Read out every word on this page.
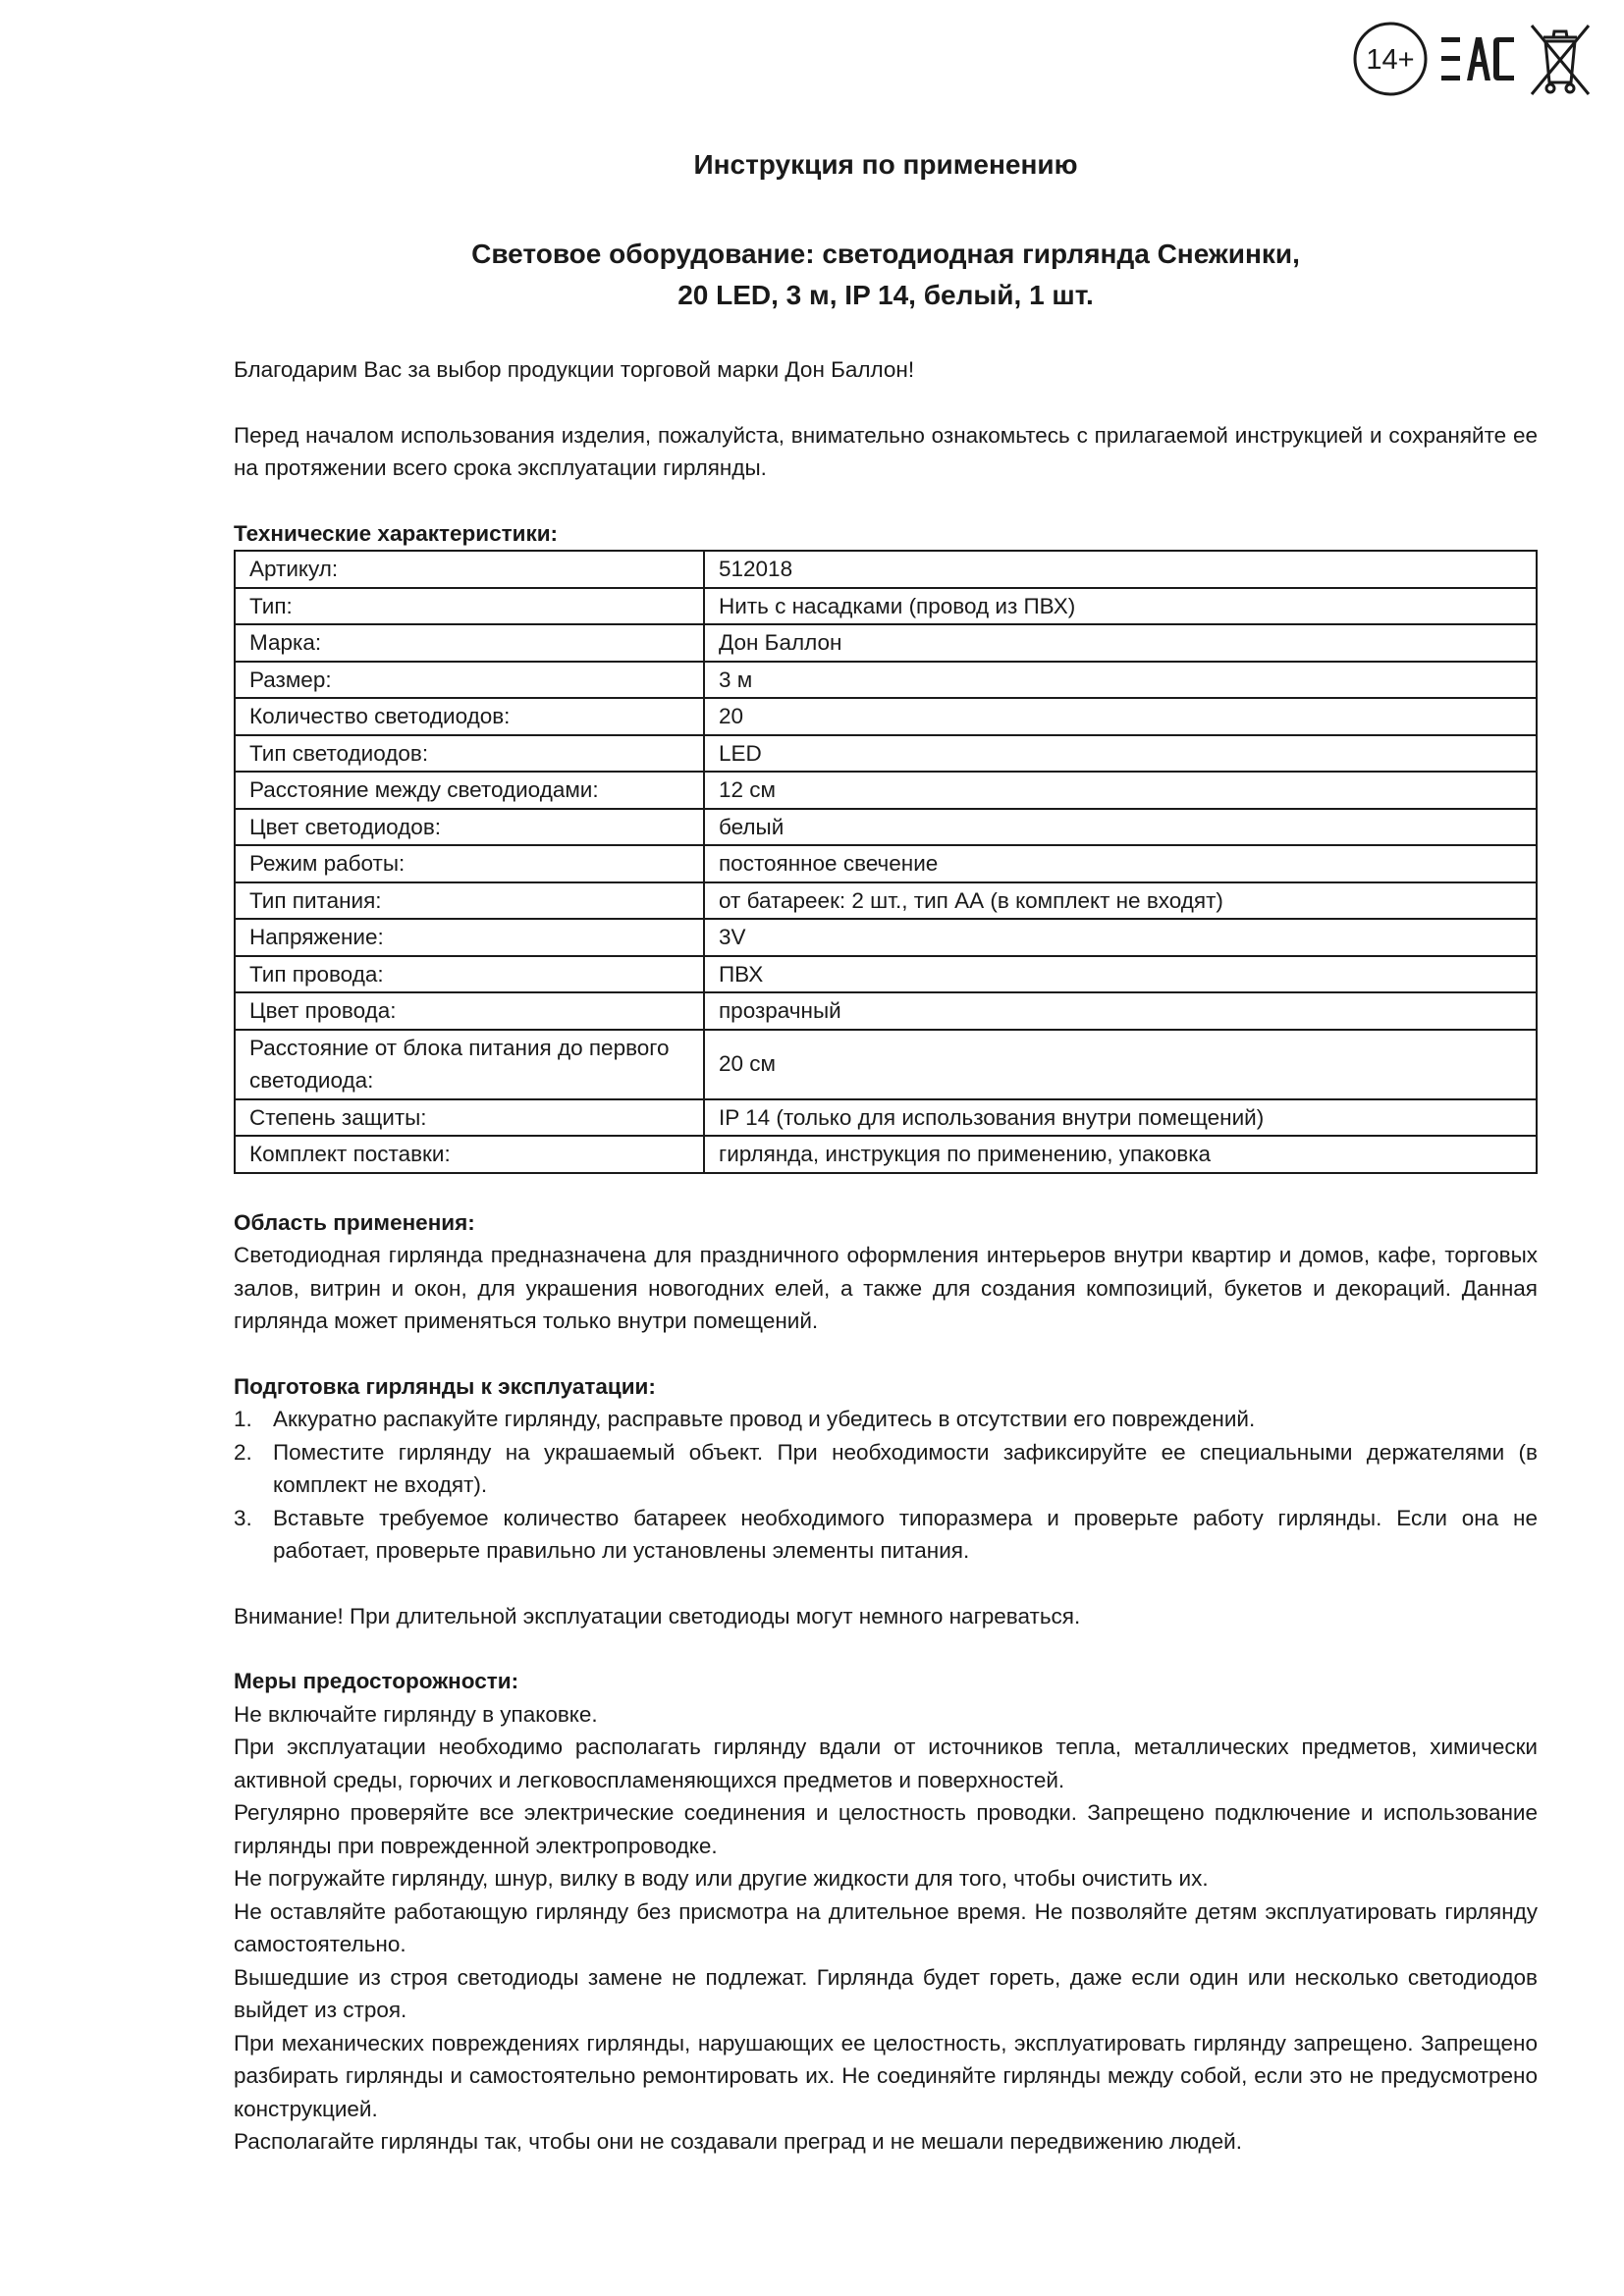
14+
Инструкция по применению
Световое оборудование: светодиодная гирлянда Снежинки,
20 LED, 3 м, IP 14, белый, 1 шт.

Благодарим Вас за выбор продукции торговой марки Дон Баллон!

Перед началом использования изделия, пожалуйста, внимательно ознакомьтесь с прилагаемой инструкцией и сохраняйте ее на протяжении всего срока эксплуатации гирлянды.

Технические характеристики:
Артикул:	512018
Тип:	Нить с насадками (провод из ПВХ)
Марка:	Дон Баллон
Размер:	3 м
Количество светодиодов:	20
Тип светодиодов:	LED
Расстояние между светодиодами:	12 см
Цвет светодиодов:	белый
Режим работы:	постоянное свечение
Тип питания:	от батареек: 2 шт., тип АА (в комплект не входят)
Напряжение:	3V
Тип провода:	ПВХ
Цвет провода:	прозрачный
Расстояние от блока питания до первого светодиода:	20 см
Степень защиты:	IP 14 (только для использования внутри помещений)
Комплект поставки:	гирлянда, инструкция по применению, упаковка
Область применения:

Светодиодная гирлянда предназначена для праздничного оформления интерьеров внутри квартир и домов, кафе, торговых залов, витрин и окон, для украшения новогодних елей, а также для создания композиций, букетов и декораций. Данная гирлянда может применяться только внутри помещений.

Подготовка гирлянды к эксплуатации:
1. Аккуратно распакуйте гирлянду, расправьте провод и убедитесь в отсутствии его повреждений.
2. Поместите гирлянду на украшаемый объект. При необходимости зафиксируйте ее специальными держателями (в комплект не входят).
3. Вставьте требуемое количество батареек необходимого типоразмера и проверьте работу гирлянды. Если она не работает, проверьте правильно ли установлены элементы питания.

Внимание! При длительной эксплуатации светодиоды могут немного нагреваться.

Меры предосторожности:

Не включайте гирлянду в упаковке.

При эксплуатации необходимо располагать гирлянду вдали от источников тепла, металлических предметов, химически активной среды, горючих и легковоспламеняющихся предметов и поверхностей.

Регулярно проверяйте все электрические соединения и целостность проводки. Запрещено подключение и использование гирлянды при поврежденной электропроводке.

Не погружайте гирлянду, шнур, вилку в воду или другие жидкости для того, чтобы очистить их.

Не оставляйте работающую гирлянду без присмотра на длительное время. Не позволяйте детям эксплуатировать гирлянду самостоятельно.

Вышедшие из строя светодиоды замене не подлежат. Гирлянда будет гореть, даже если один или несколько светодиодов выйдет из строя.

При механических повреждениях гирлянды, нарушающих ее целостность, эксплуатировать гирлянду запрещено. Запрещено разбирать гирлянды и самостоятельно ремонтировать их. Не соединяйте гирлянды между собой, если это не предусмотрено конструкцией.

Располагайте гирлянды так, чтобы они не создавали преград и не мешали передвижению людей.
